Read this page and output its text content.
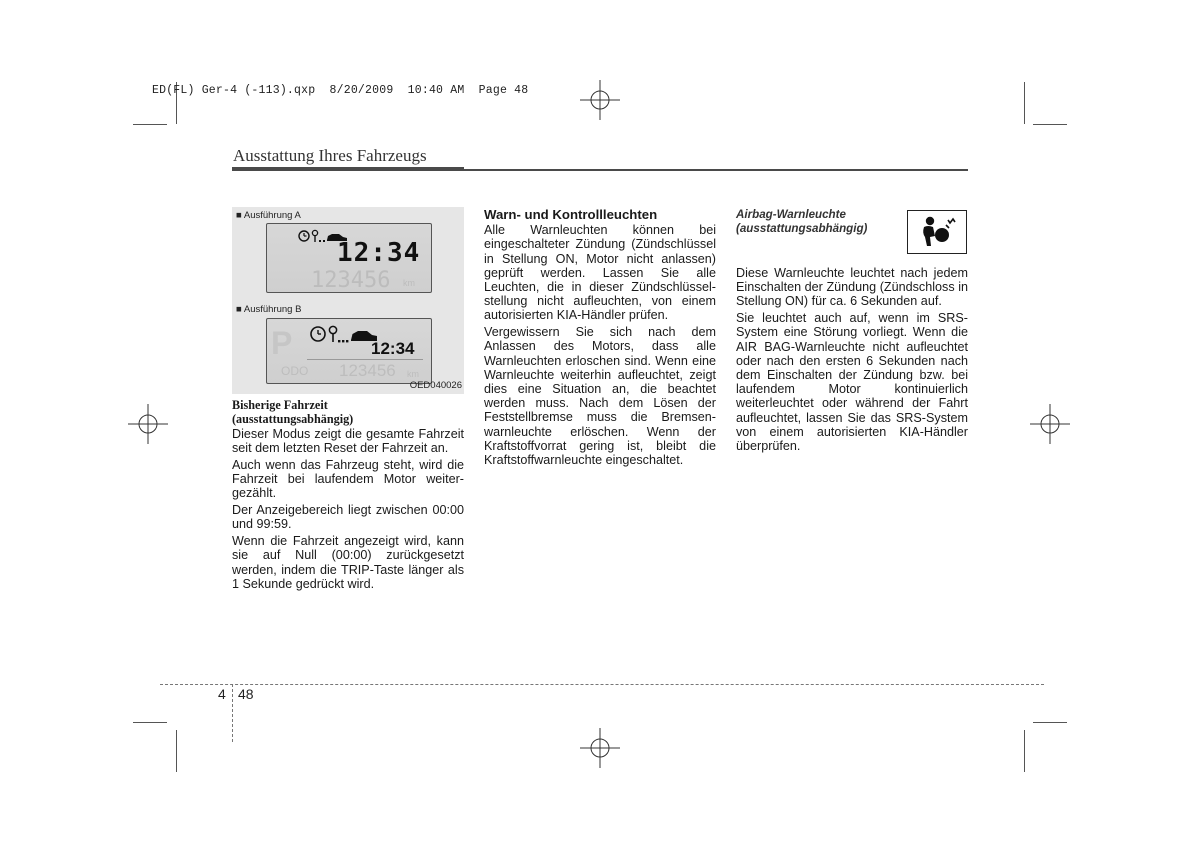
ED(FL) Ger-4 (-113).qxp  8/20/2009  10:40 AM  Page 48
Ausstattung Ihres Fahrzeugs
■ Ausführung A
12:34
123456 km
■ Ausführung B
P	12:34
ODO 123456 km
OED040026
Bisherige Fahrzeit
(ausstattungsabhängig)

Dieser Modus zeigt die gesamte Fahrzeit seit dem letzten Reset der Fahrzeit an.

Auch wenn das Fahrzeug steht, wird die Fahrzeit bei laufendem Motor weiter-gezählt.

Der Anzeigebereich liegt zwischen 00:00 und 99:59.

Wenn die Fahrzeit angezeigt wird, kann sie auf Null (00:00) zurückgesetzt werden, indem die TRIP-Taste länger als 1 Sekunde gedrückt wird.

Warn- und Kontrollleuchten

Alle Warnleuchten können bei eingeschalteter Zündung (Zündschlüssel in Stellung ON, Motor nicht anlassen) geprüft werden. Lassen Sie alle Leuchten, die in dieser Zündschlüssel-stellung nicht aufleuchten, von einem autorisierten KIA-Händler prüfen.

Vergewissern Sie sich nach dem Anlassen des Motors, dass alle Warnleuchten erloschen sind. Wenn eine Warnleuchte weiterhin aufleuchtet, zeigt dies eine Situation an, die beachtet werden muss. Nach dem Lösen der Feststellbremse muss die Bremsen-warnleuchte erlöschen. Wenn der Kraftstoffvorrat gering ist, bleibt die Kraftstoffwarnleuchte eingeschaltet.

Airbag-Warnleuchte
(ausstattungsabhängig)

Diese Warnleuchte leuchtet nach jedem Einschalten der Zündung (Zündschloss in Stellung ON) für ca. 6 Sekunden auf.

Sie leuchtet auch auf, wenn im SRS-System eine Störung vorliegt. Wenn die AIR BAG-Warnleuchte nicht aufleuchtet oder nach den ersten 6 Sekunden nach dem Einschalten der Zündung bzw. bei laufendem Motor kontinuierlich weiterleuchtet oder während der Fahrt aufleuchtet, lassen Sie das SRS-System von einem autorisierten KIA-Händler überprüfen.

4 48
